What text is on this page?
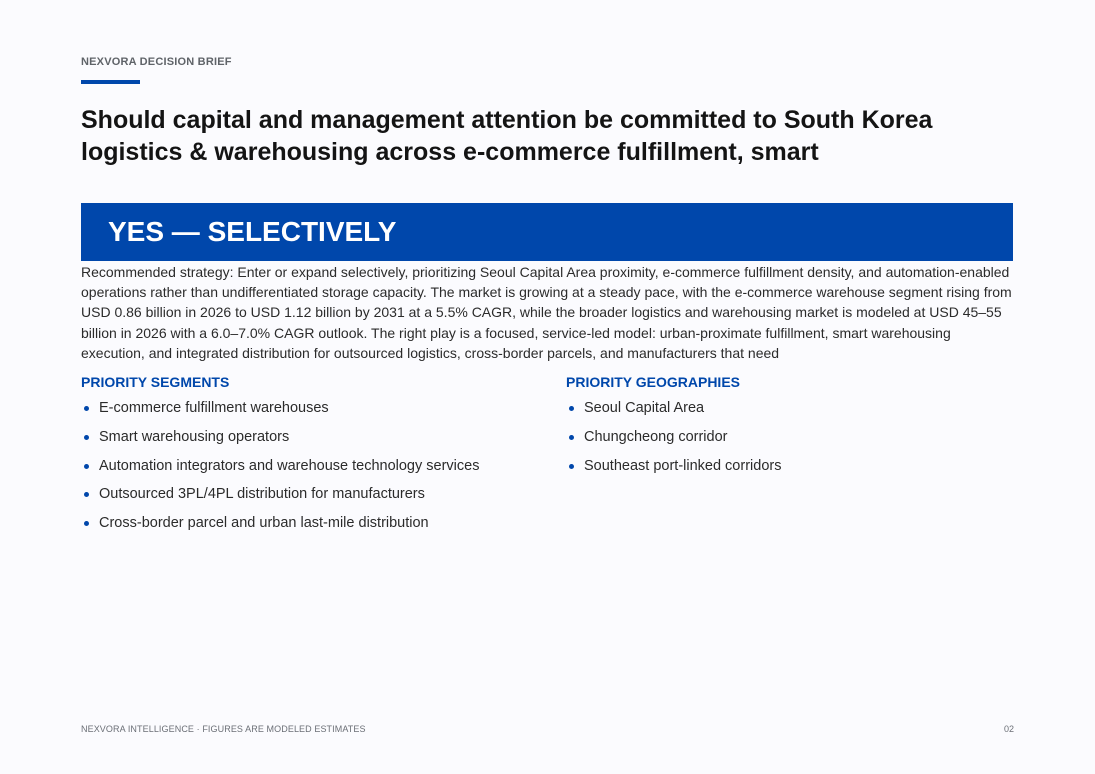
NEXVORA DECISION BRIEF
Should capital and management attention be committed to South Korea logistics & warehousing across e-commerce fulfillment, smart
YES — SELECTIVELY

Recommended strategy: Enter or expand selectively, prioritizing Seoul Capital Area proximity, e-commerce fulfillment density, and automation-enabled operations rather than undifferentiated storage capacity. The market is growing at a steady pace, with the e-commerce warehouse segment rising from USD 0.86 billion in 2026 to USD 1.12 billion by 2031 at a 5.5% CAGR, while the broader logistics and warehousing market is modeled at USD 45–55 billion in 2026 with a 6.0–7.0% CAGR outlook. The right play is a focused, service-led model: urban-proximate fulfillment, smart warehousing execution, and integrated distribution for outsourced logistics, cross-border parcels, and manufacturers that need

PRIORITY SEGMENTS
E-commerce fulfillment warehouses
Smart warehousing operators
Automation integrators and warehouse technology services
Outsourced 3PL/4PL distribution for manufacturers
Cross-border parcel and urban last-mile distribution
PRIORITY GEOGRAPHIES
Seoul Capital Area
Chungcheong corridor
Southeast port-linked corridors
NEXVORA INTELLIGENCE · FIGURES ARE MODELED ESTIMATES	02
